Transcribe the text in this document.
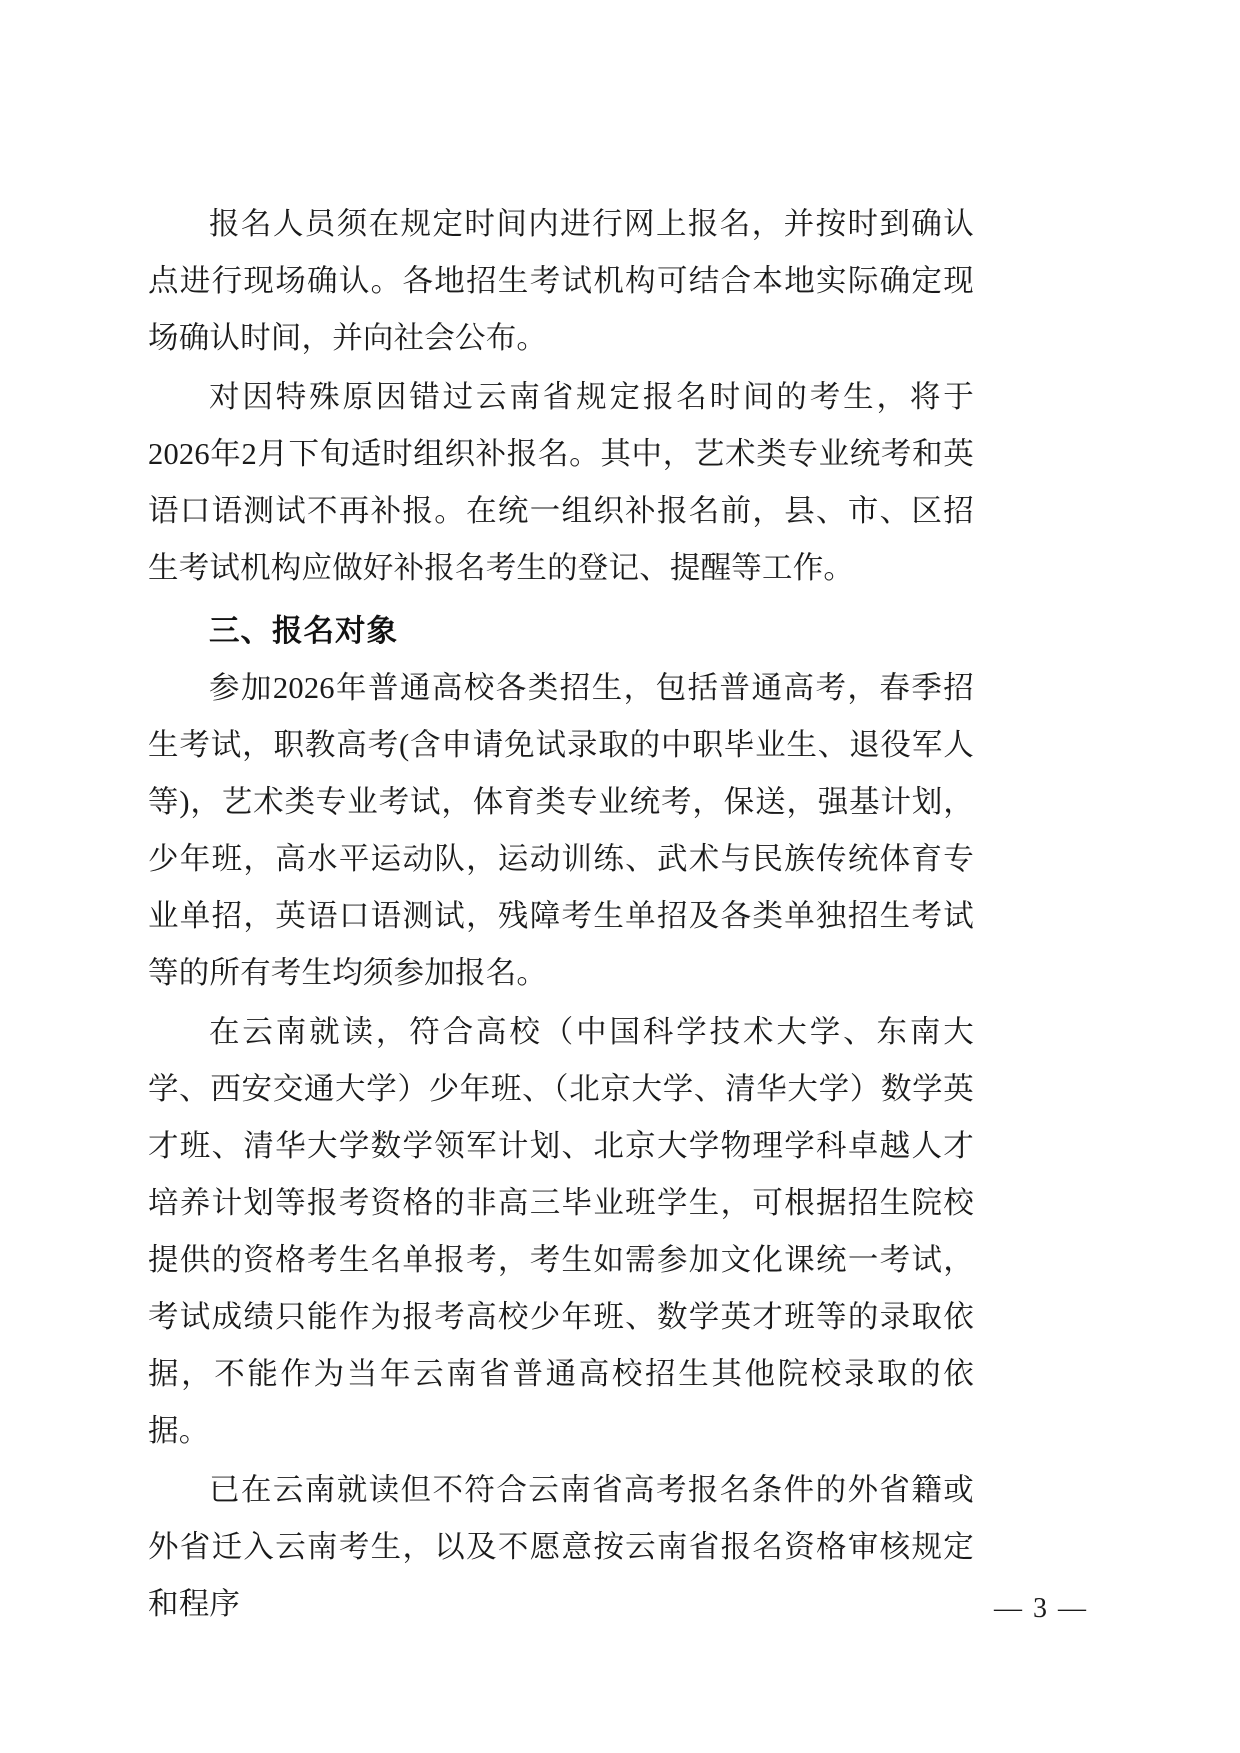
报名人员须在规定时间内进行网上报名，并按时到确认点进行现场确认。各地招生考试机构可结合本地实际确定现场确认时间，并向社会公布。

对因特殊原因错过云南省规定报名时间的考生，将于2026年2月下旬适时组织补报名。其中，艺术类专业统考和英语口语测试不再补报。在统一组织补报名前，县、市、区招生考试机构应做好补报名考生的登记、提醒等工作。

三、报名对象

参加2026年普通高校各类招生，包括普通高考，春季招生考试，职教高考(含申请免试录取的中职毕业生、退役军人等)，艺术类专业考试，体育类专业统考，保送，强基计划，少年班，高水平运动队，运动训练、武术与民族传统体育专业单招，英语口语测试，残障考生单招及各类单独招生考试等的所有考生均须参加报名。

在云南就读，符合高校（中国科学技术大学、东南大学、西安交通大学）少年班、（北京大学、清华大学）数学英才班、清华大学数学领军计划、北京大学物理学科卓越人才培养计划等报考资格的非高三毕业班学生，可根据招生院校提供的资格考生名单报考，考生如需参加文化课统一考试，考试成绩只能作为报考高校少年班、数学英才班等的录取依据，不能作为当年云南省普通高校招生其他院校录取的依据。

已在云南就读但不符合云南省高考报名条件的外省籍或外省迁入云南考生，以及不愿意按云南省报名资格审核规定和程序	— 3 —
